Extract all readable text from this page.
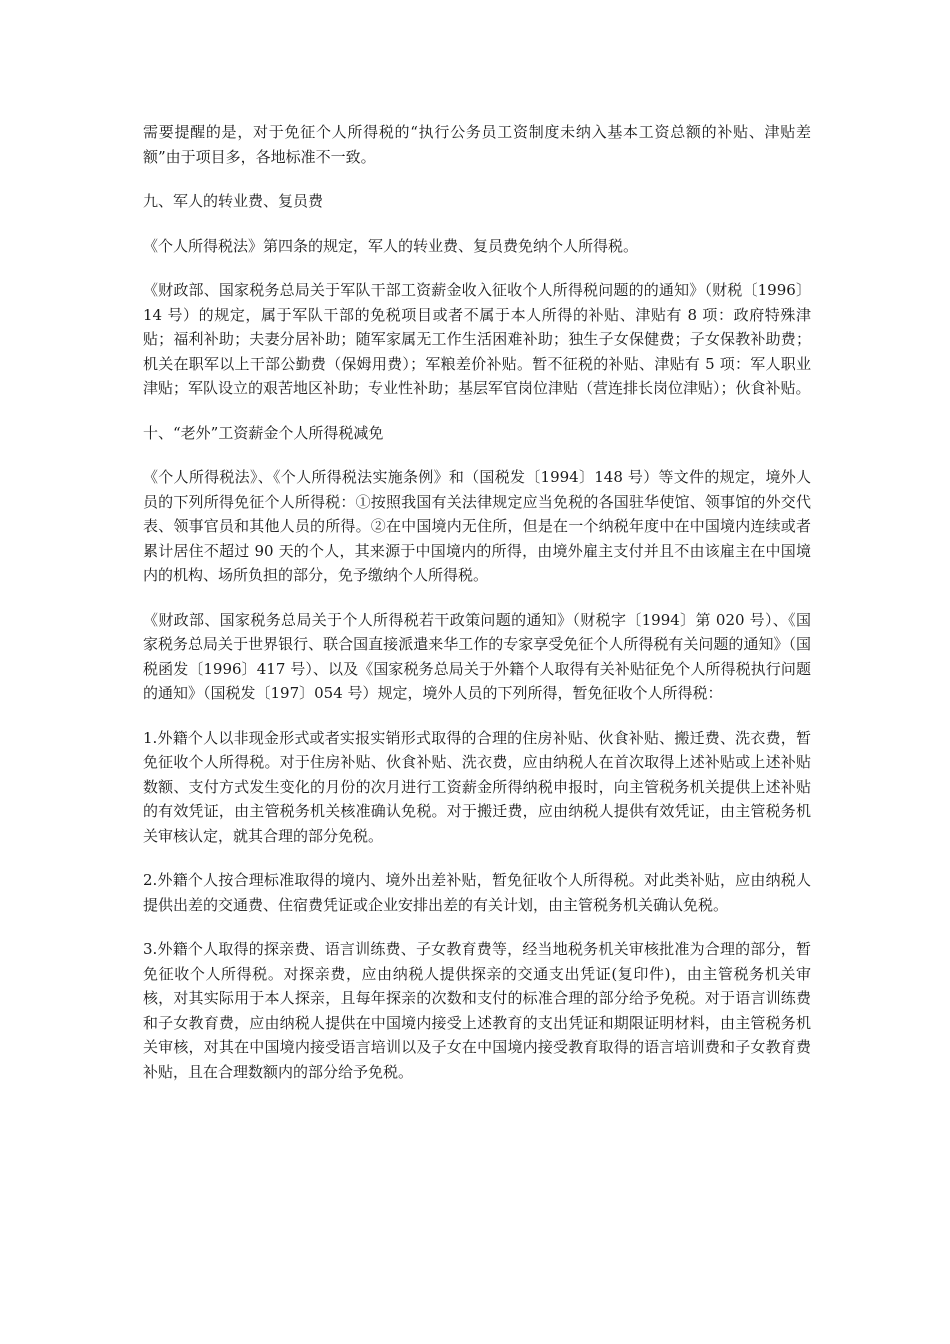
需要提醒的是，对于免征个人所得税的“执行公务员工资制度未纳入基本工资总额的补贴、津贴差额”由于项目多，各地标准不一致。

九、军人的转业费、复员费

《个人所得税法》第四条的规定，军人的转业费、复员费免纳个人所得税。

《财政部、国家税务总局关于军队干部工资薪金收入征收个人所得税问题的的通知》（财税〔1996〕14 号）的规定，属于军队干部的免税项目或者不属于本人所得的补贴、津贴有 8 项：政府特殊津贴；福利补助；夫妻分居补助；随军家属无工作生活困难补助；独生子女保健费；子女保教补助费；机关在职军以上干部公勤费（保姆用费）；军粮差价补贴。暂不征税的补贴、津贴有 5 项：军人职业津贴；军队设立的艰苦地区补助；专业性补助；基层军官岗位津贴（营连排长岗位津贴）；伙食补贴。

十、“老外”工资薪金个人所得税减免

《个人所得税法》、《个人所得税法实施条例》和（国税发〔1994〕148 号）等文件的规定，境外人员的下列所得免征个人所得税：①按照我国有关法律规定应当免税的各国驻华使馆、领事馆的外交代表、领事官员和其他人员的所得。②在中国境内无住所，但是在一个纳税年度中在中国境内连续或者累计居住不超过 90 天的个人，其来源于中国境内的所得，由境外雇主支付并且不由该雇主在中国境内的机构、场所负担的部分，免予缴纳个人所得税。

《财政部、国家税务总局关于个人所得税若干政策问题的通知》（财税字〔1994〕第 020 号）、《国家税务总局关于世界银行、联合国直接派遣来华工作的专家享受免征个人所得税有关问题的通知》（国税函发〔1996〕417 号）、以及《国家税务总局关于外籍个人取得有关补贴征免个人所得税执行问题的通知》（国税发〔197〕054 号）规定，境外人员的下列所得，暂免征收个人所得税：

1.外籍个人以非现金形式或者实报实销形式取得的合理的住房补贴、伙食补贴、搬迁费、洗衣费，暂免征收个人所得税。对于住房补贴、伙食补贴、洗衣费，应由纳税人在首次取得上述补贴或上述补贴数额、支付方式发生变化的月份的次月进行工资薪金所得纳税申报时，向主管税务机关提供上述补贴的有效凭证，由主管税务机关核准确认免税。对于搬迁费，应由纳税人提供有效凭证，由主管税务机关审核认定，就其合理的部分免税。

2.外籍个人按合理标准取得的境内、境外出差补贴，暂免征收个人所得税。对此类补贴，应由纳税人提供出差的交通费、住宿费凭证或企业安排出差的有关计划，由主管税务机关确认免税。

3.外籍个人取得的探亲费、语言训练费、子女教育费等，经当地税务机关审核批准为合理的部分，暂免征收个人所得税。对探亲费，应由纳税人提供探亲的交通支出凭证(复印件)，由主管税务机关审核，对其实际用于本人探亲，且每年探亲的次数和支付的标准合理的部分给予免税。对于语言训练费和子女教育费，应由纳税人提供在中国境内接受上述教育的支出凭证和期限证明材料，由主管税务机关审核，对其在中国境内接受语言培训以及子女在中国境内接受教育取得的语言培训费和子女教育费补贴，且在合理数额内的部分给予免税。
